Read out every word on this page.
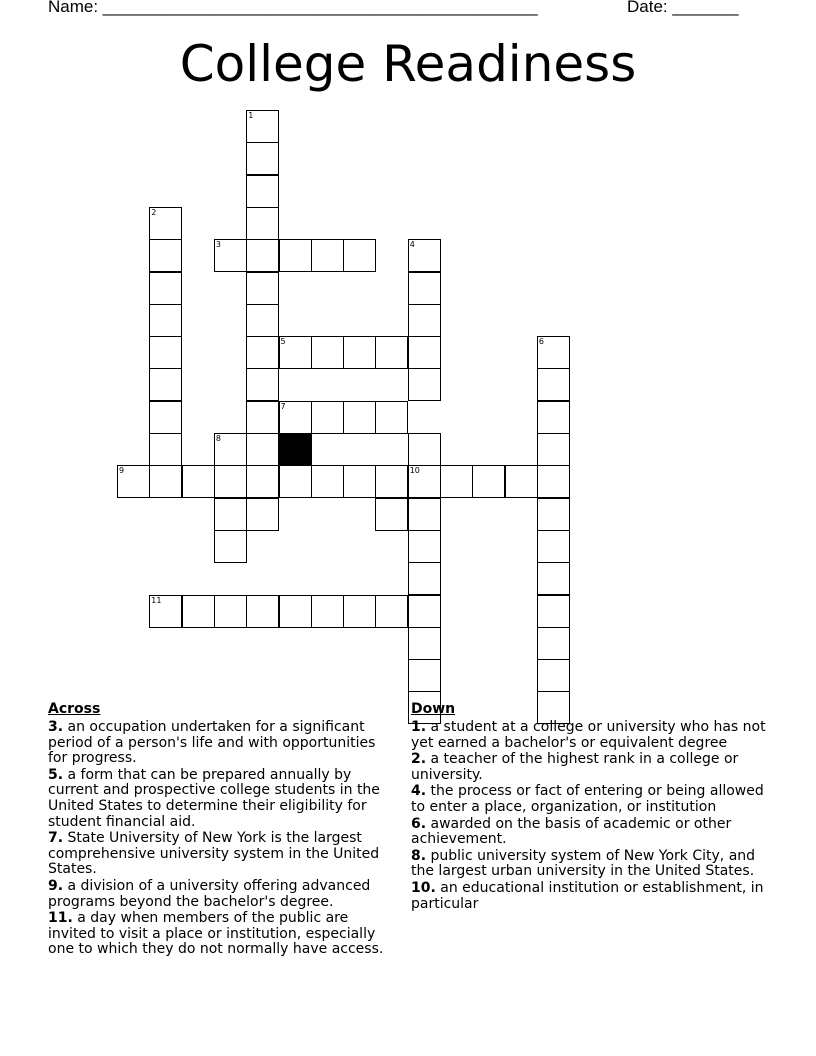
Name: ______________________________________________	Date: _______
College Readiness
1
2
3
5
7
8
9
4
10
6
11
Across
3. an occupation undertaken for a significant period of a person's life and with opportunities for progress.
5. a form that can be prepared annually by current and prospective college students in the United States to determine their eligibility for student financial aid.
7. State University of New York is the largest comprehensive university system in the United States.
9. a division of a university offering advanced programs beyond the bachelor's degree.
11. a day when members of the public are invited to visit a place or institution, especially one to which they do not normally have access.
Down
1. a student at a college or university who has not yet earned a bachelor's or equivalent degree
2. a teacher of the highest rank in a college or university.
4. the process or fact of entering or being allowed to enter a place, organization, or institution
6. awarded on the basis of academic or other achievement.
8. public university system of New York City, and the largest urban university in the United States.
10. an educational institution or establishment, in particular
